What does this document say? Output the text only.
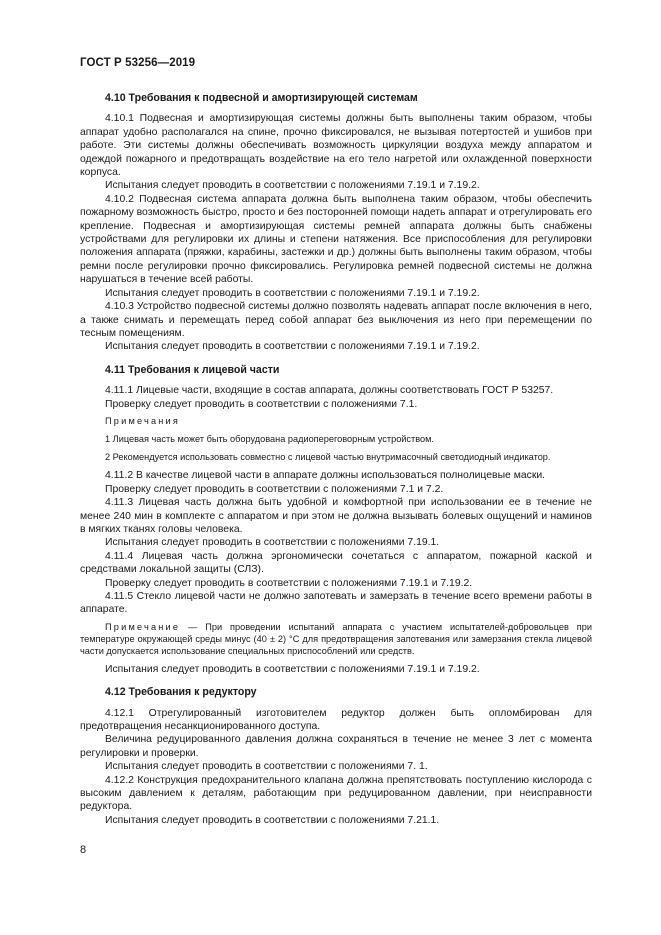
ГОСТ Р 53256—2019
4.10 Требования к подвесной и амортизирующей системам

4.10.1 Подвесная и амортизирующая системы должны быть выполнены таким образом, чтобы аппарат удобно располагался на спине, прочно фиксировался, не вызывая потертостей и ушибов при работе. Эти системы должны обеспечивать возможность циркуляции воздуха между аппаратом и одеждой пожарного и предотвращать воздействие на его тело нагретой или охлажденной поверхности корпуса.

Испытания следует проводить в соответствии с положениями 7.19.1 и 7.19.2.

4.10.2 Подвесная система аппарата должна быть выполнена таким образом, чтобы обеспечить пожарному возможность быстро, просто и без посторонней помощи надеть аппарат и отрегулировать его крепление. Подвесная и амортизирующая системы ремней аппарата должны быть снабжены устройствами для регулировки их длины и степени натяжения. Все приспособления для регулировки положения аппарата (пряжки, карабины, застежки и др.) должны быть выполнены таким образом, чтобы ремни после регулировки прочно фиксировались. Регулировка ремней подвесной системы не должна нарушаться в течение всей работы.

Испытания следует проводить в соответствии с положениями 7.19.1 и 7.19.2.

4.10.3 Устройство подвесной системы должно позволять надевать аппарат после включения в него, а также снимать и перемещать перед собой аппарат без выключения из него при перемещении по тесным помещениям.

Испытания следует проводить в соответствии с положениями 7.19.1 и 7.19.2.

4.11 Требования к лицевой части

4.11.1 Лицевые части, входящие в состав аппарата, должны соответствовать ГОСТ Р 53257.

Проверку следует проводить в соответствии с положениями 7.1.

Примечания
1 Лицевая часть может быть оборудована радиопереговорным устройством.
2 Рекомендуется использовать совместно с лицевой частью внутримасочный светодиодный индикатор.

4.11.2 В качестве лицевой части в аппарате должны использоваться полнолицевые маски.

Проверку следует проводить в соответствии с положениями 7.1 и 7.2.

4.11.3 Лицевая часть должна быть удобной и комфортной при использовании ее в течение не менее 240 мин в комплекте с аппаратом и при этом не должна вызывать болевых ощущений и наминов в мягких тканях головы человека.

Испытания следует проводить в соответствии с положениями 7.19.1.

4.11.4 Лицевая часть должна эргономически сочетаться с аппаратом, пожарной каской и средствами локальной защиты (СЛЗ).

Проверку следует проводить в соответствии с положениями 7.19.1 и 7.19.2.

4.11.5 Стекло лицевой части не должно запотевать и замерзать в течение всего времени работы в аппарате.

Примечание — При проведении испытаний аппарата с участием испытателей-добровольцев при температуре окружающей среды минус (40 ± 2) °С для предотвращения запотевания или замерзания стекла лицевой части допускается использование специальных приспособлений или средств.

Испытания следует проводить в соответствии с положениями 7.19.1 и 7.19.2.

4.12 Требования к редуктору

4.12.1 Отрегулированный изготовителем редуктор должен быть опломбирован для предотвращения несанкционированного доступа.

Величина редуцированного давления должна сохраняться в течение не менее 3 лет с момента регулировки и проверки.

Испытания следует проводить в соответствии с положениями 7. 1.

4.12.2 Конструкция предохранительного клапана должна препятствовать поступлению кислорода с высоким давлением к деталям, работающим при редуцированном давлении, при неисправности редуктора.

Испытания следует проводить в соответствии с положениями 7.21.1.

8
